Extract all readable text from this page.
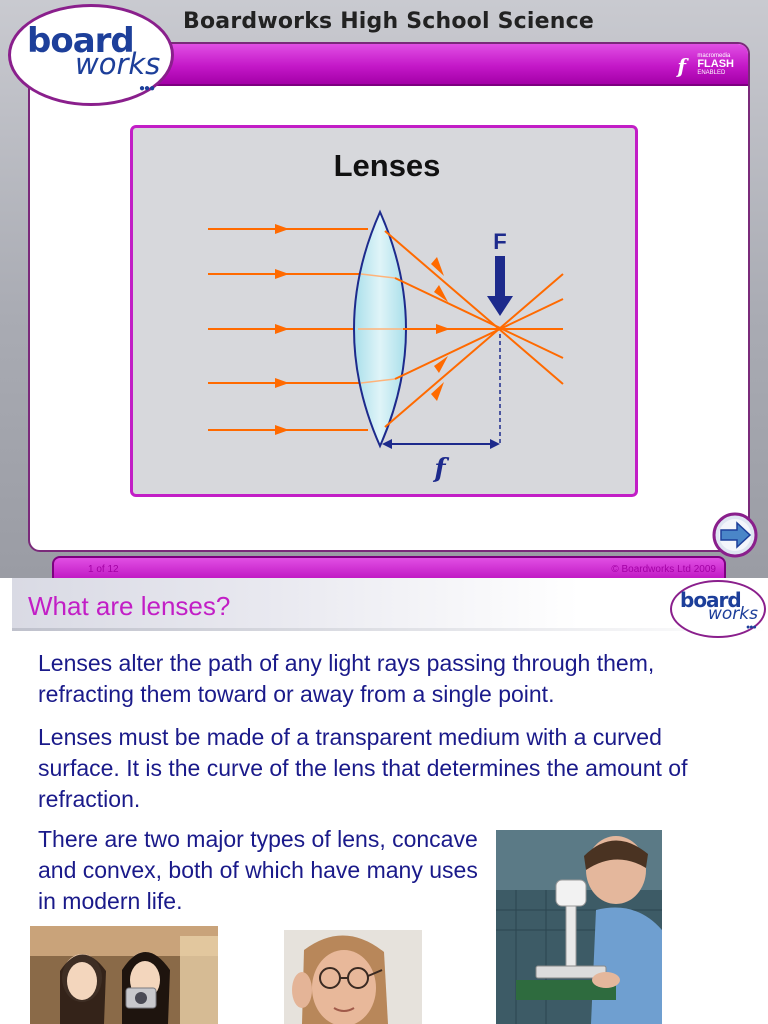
Boardworks High School Science
f macromedia
FLASH
ENABLED
board
works
●●●
Lenses
F
f
1 of 12	© Boardworks Ltd 2009
What are lenses?	board
works
●●●

Lenses alter the path of any light rays passing through them, refracting them toward or away from a single point.

Lenses must be made of a transparent medium with a curved surface. It is the curve of the lens that determines the amount of refraction.

There are two major types of lens, concave and convex, both of which have many uses in modern life.
